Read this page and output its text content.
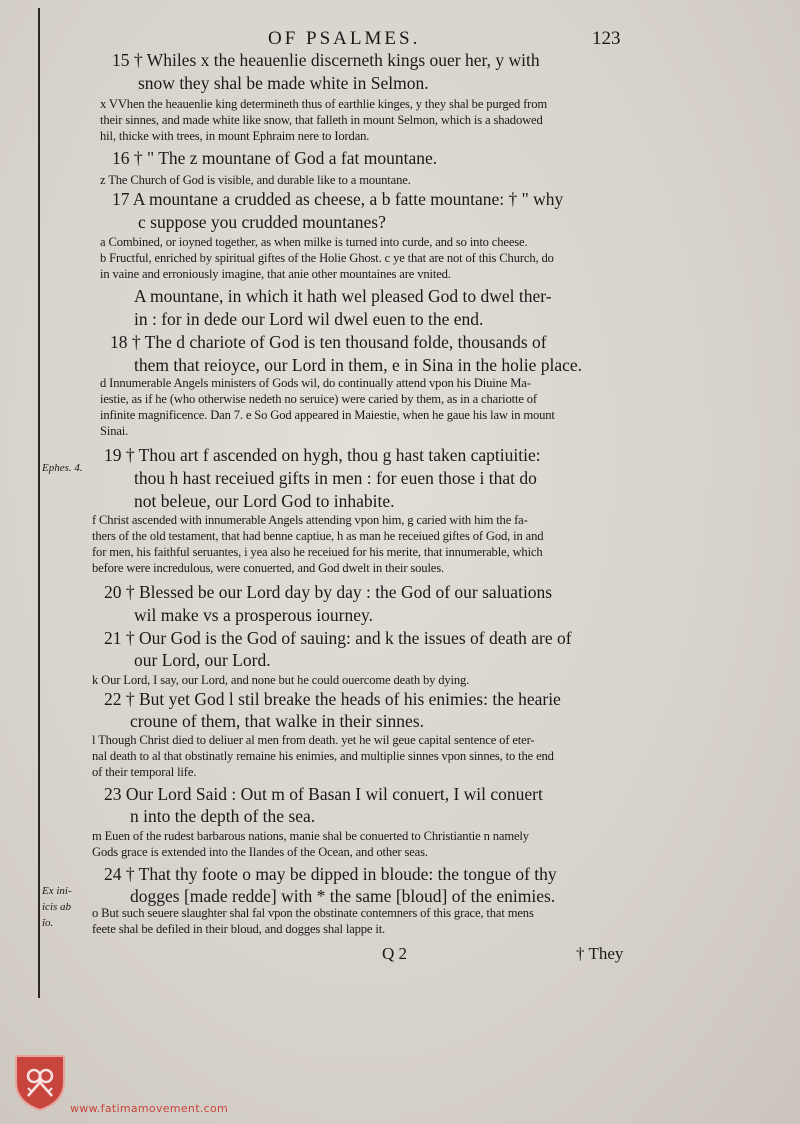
OF PSALMES.	123
15 † Whiles x the heauenlie discerneth kings ouer her, y with
snow they shal be made white in Selmon.
x VVhen the heauenlie king determineth thus of earthlie kinges, y they shal be purged from
their sinnes, and made white like snow, that falleth in mount Selmon, which is a shadowed
hil, thicke with trees, in mount Ephraim nere to Iordan.
16 † " The z mountane of God a fat mountane.
z The Church of God is visible, and durable like to a mountane.
17 A mountane a crudded as cheese, a b fatte mountane: † " why
c suppose you crudded mountanes?
a Combined, or ioyned together, as when milke is turned into curde, and so into cheese.
b Fructful, enriched by spiritual giftes of the Holie Ghost. c ye that are not of this Church, do
in vaine and erroniously imagine, that anie other mountaines are vnited.
A mountane, in which it hath wel pleased God to dwel ther-
in : for in dede our Lord wil dwel euen to the end.
18 † The d chariote of God is ten thousand folde, thousands of
them that reioyce, our Lord in them, e in Sina in the holie place.
d Innumerable Angels ministers of Gods wil, do continually attend vpon his Diuine Ma-
iestie, as if he (who otherwise nedeth no seruice) were caried by them, as in a chariotte of
infinite magnificence. Dan 7. e So God appeared in Maiestie, when he gaue his law in mount
Sinai.
19 † Thou art f ascended on hygh, thou g hast taken captiuitie:
thou h hast receiued gifts in men : for euen those i that do
not beleue, our Lord God to inhabite.
f Christ ascended with innumerable Angels attending vpon him, g caried with him the fa-
thers of the old testament, that had benne captiue, h as man he receiued giftes of God, in and
for men, his faithful seruantes, i yea also he receiued for his merite, that innumerable, which
before were incredulous, were conuerted, and God dwelt in their soules.
20 † Blessed be our Lord day by day : the God of our saluations
wil make vs a prosperous iourney.
21 † Our God is the God of sauing: and k the issues of death are of
our Lord, our Lord.
k Our Lord, I say, our Lord, and none but he could ouercome death by dying.
22 † But yet God l stil breake the heads of his enimies: the hearie
croune of them, that walke in their sinnes.
l Though Christ died to deliuer al men from death. yet he wil geue capital sentence of eter-
nal death to al that obstinatly remaine his enimies, and multiplie sinnes vpon sinnes, to the end
of their temporal life.
23 Our Lord Said : Out m of Basan I wil conuert, I wil conuert
n into the depth of the sea.
m Euen of the rudest barbarous nations, manie shal be conuerted to Christiantie n namely
Gods grace is extended into the Ilandes of the Ocean, and other seas.
24 † That thy foote o may be dipped in bloude: the tongue of thy
dogges [made redde] with * the same [bloud] of the enimies.
o But such seuere slaughter shal fal vpon the obstinate contemners of this grace, that mens
feete shal be defiled in their bloud, and dogges shal lappe it.
Ephes. 4.
Ex ini-
icis ab
ĭo.
Q 2	† They
www.fatimamovement.com
